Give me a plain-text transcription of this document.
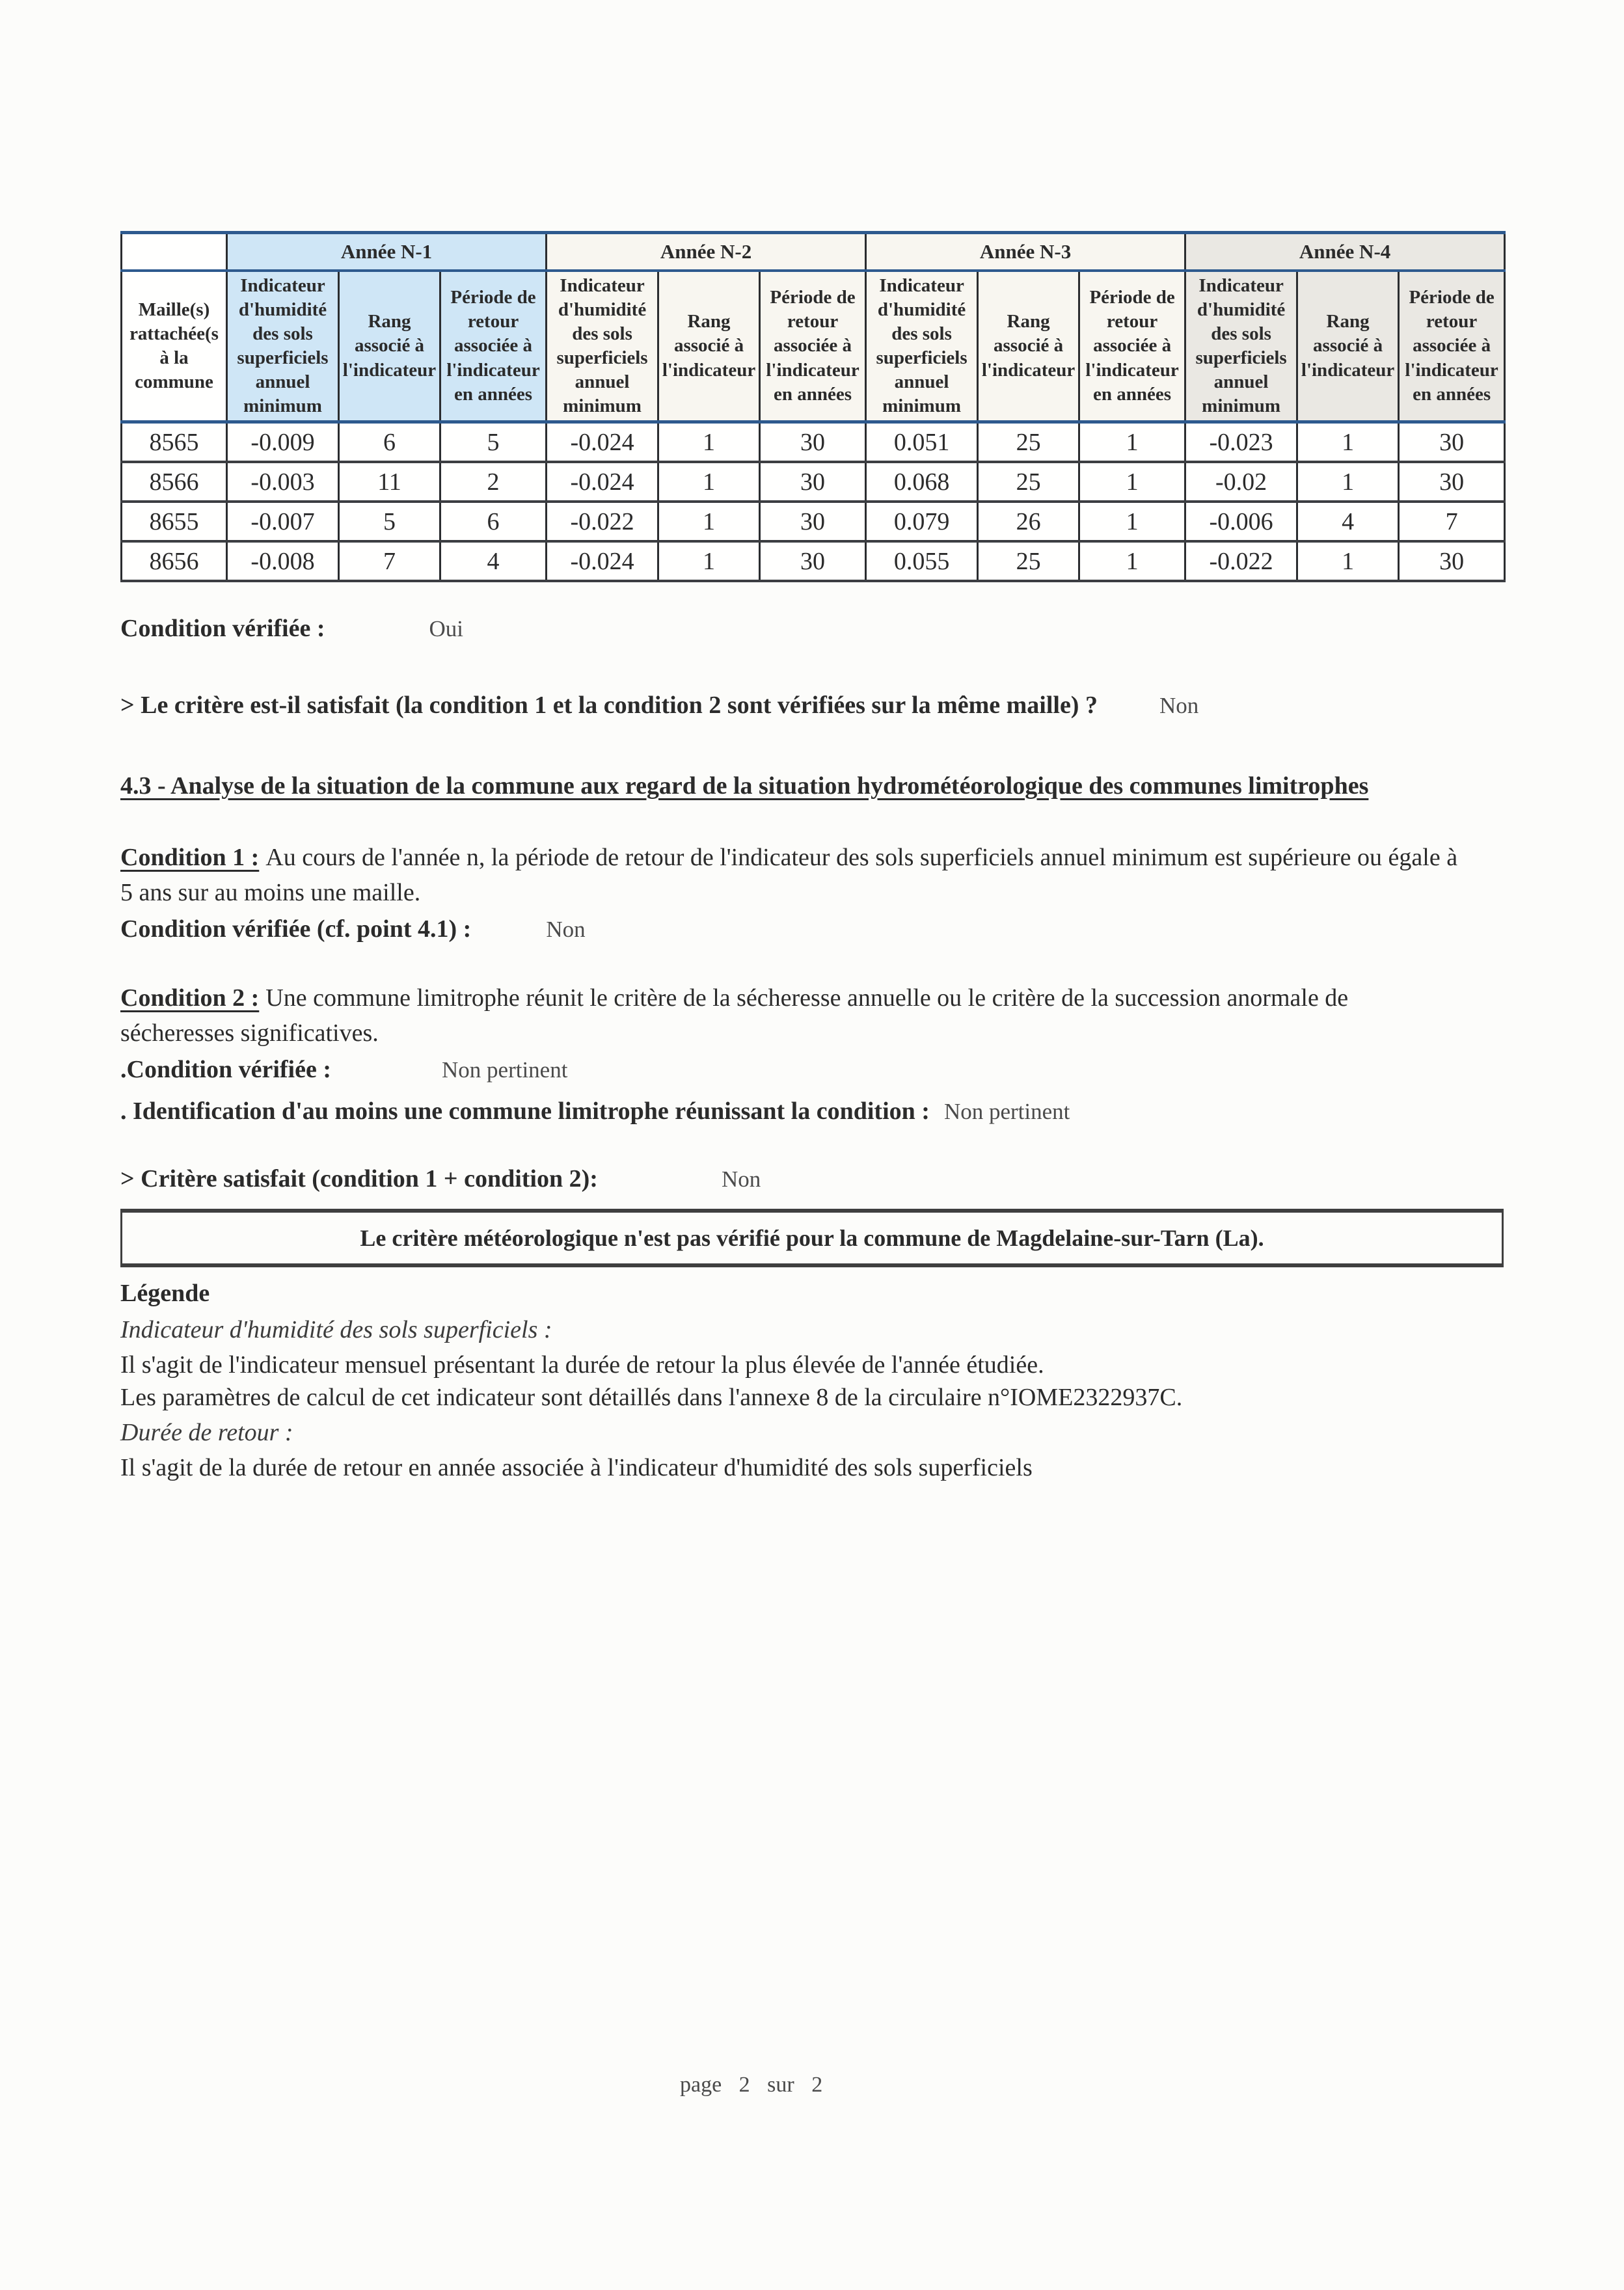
	Année N-1			Année N-2			Année N-3			Année N-4		
Maille(s) rattachée(s à la commune	Indicateur d'humidité des sols superficiels annuel minimum	Rang associé à l'indicateur	Période de retour associée à l'indicateur en années	Indicateur d'humidité des sols superficiels annuel minimum	Rang associé à l'indicateur	Période de retour associée à l'indicateur en années	Indicateur d'humidité des sols superficiels annuel minimum	Rang associé à l'indicateur	Période de retour associée à l'indicateur en années	Indicateur d'humidité des sols superficiels annuel minimum	Rang associé à l'indicateur	Période de retour associée à l'indicateur en années
8565	-0.009	6	5	-0.024	1	30	0.051	25	1	-0.023	1	30
8566	-0.003	11	2	-0.024	1	30	0.068	25	1	-0.02	1	30
8655	-0.007	5	6	-0.022	1	30	0.079	26	1	-0.006	4	7
8656	-0.008	7	4	-0.024	1	30	0.055	25	1	-0.022	1	30
Condition vérifiée :	Oui
> Le critère est-il satisfait (la condition 1 et la condition 2 sont vérifiées sur la même maille) ?	Non
4.3 - Analyse de la situation de la commune aux regard de la situation hydrométéorologique des communes limitrophes
Condition 1 : Au cours de l'année n, la période de retour de l'indicateur des sols superficiels annuel minimum est supérieure ou égale à 5 ans sur au moins une maille.
Condition vérifiée (cf. point 4.1) :	Non
Condition 2 : Une commune limitrophe réunit le critère de la sécheresse annuelle ou le critère de la succession anormale de sécheresses significatives.
.Condition vérifiée :	Non pertinent
. Identification d'au moins une commune limitrophe réunissant la condition : Non pertinent
> Critère satisfait (condition 1 + condition 2):	Non
Le critère météorologique n'est pas vérifié pour la commune de Magdelaine-sur-Tarn (La).
Légende
Indicateur d'humidité des sols superficiels :
Il s'agit de l'indicateur mensuel présentant la durée de retour la plus élevée de l'année étudiée.
Les paramètres de calcul de cet indicateur sont détaillés dans l'annexe 8 de la circulaire n°IOME2322937C.
Durée de retour :
Il s'agit de la durée de retour en année associée à l'indicateur d'humidité des sols superficiels
page 2 sur 2
